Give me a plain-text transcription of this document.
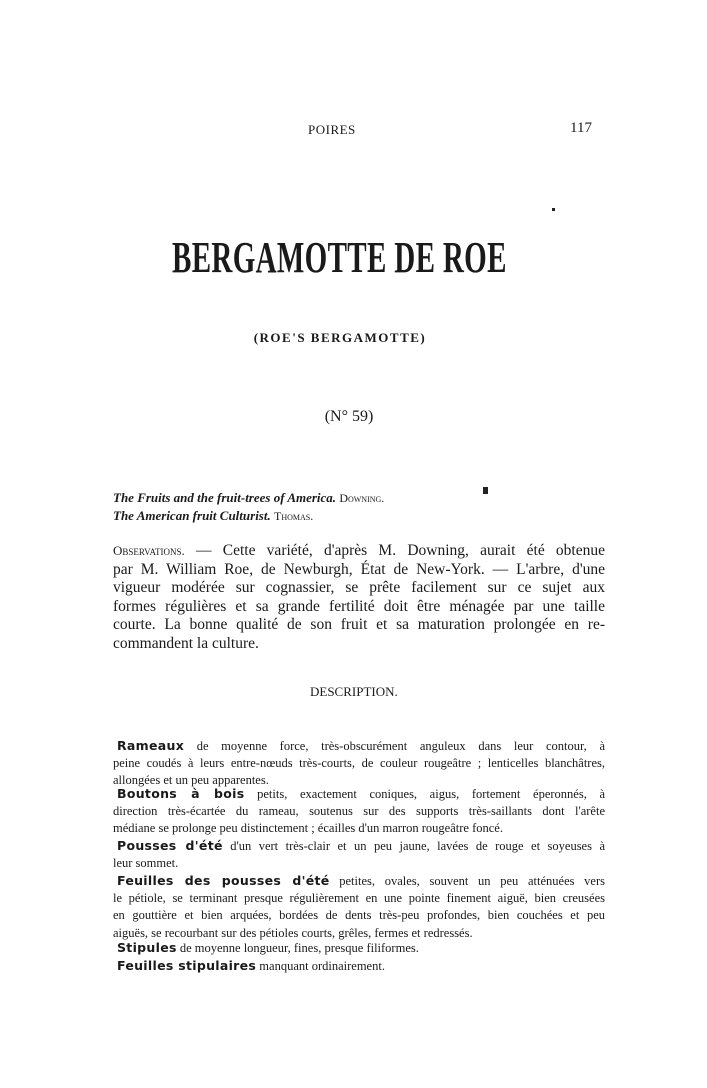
POIRES	117
BERGAMOTTE DE ROE
(ROE'S BERGAMOTTE)
(N° 59)
The Fruits and the fruit-trees of America. Downing.
The American fruit Culturist. Thomas.
Observations. — Cette variété, d'après M. Downing, aurait été obtenue
par M. William Roe, de Newburgh, État de New-York. — L'arbre, d'une
vigueur modérée sur cognassier, se prête facilement sur ce sujet aux
formes régulières et sa grande fertilité doit être ménagée par une taille
courte. La bonne qualité de son fruit et sa maturation prolongée en re-
commandent la culture.
DESCRIPTION.
Rameaux de moyenne force, très-obscurément anguleux dans leur contour, à
peine coudés à leurs entre-nœuds très-courts, de couleur rougeâtre ; lenticelles blanchâtres,
allongées et un peu apparentes.
Boutons à bois petits, exactement coniques, aigus, fortement éperonnés, à
direction très-écartée du rameau, soutenus sur des supports très-saillants dont l'arête
médiane se prolonge peu distinctement ; écailles d'un marron rougeâtre foncé.
Pousses d'été d'un vert très-clair et un peu jaune, lavées de rouge et soyeuses à
leur sommet.
Feuilles des pousses d'été petites, ovales, souvent un peu atténuées vers
le pétiole, se terminant presque régulièrement en une pointe finement aiguë, bien creusées
en gouttière et bien arquées, bordées de dents très-peu profondes, bien couchées et peu
aiguës, se recourbant sur des pétioles courts, grêles, fermes et redressés.
Stipules de moyenne longueur, fines, presque filiformes.
Feuilles stipulaires manquant ordinairement.
